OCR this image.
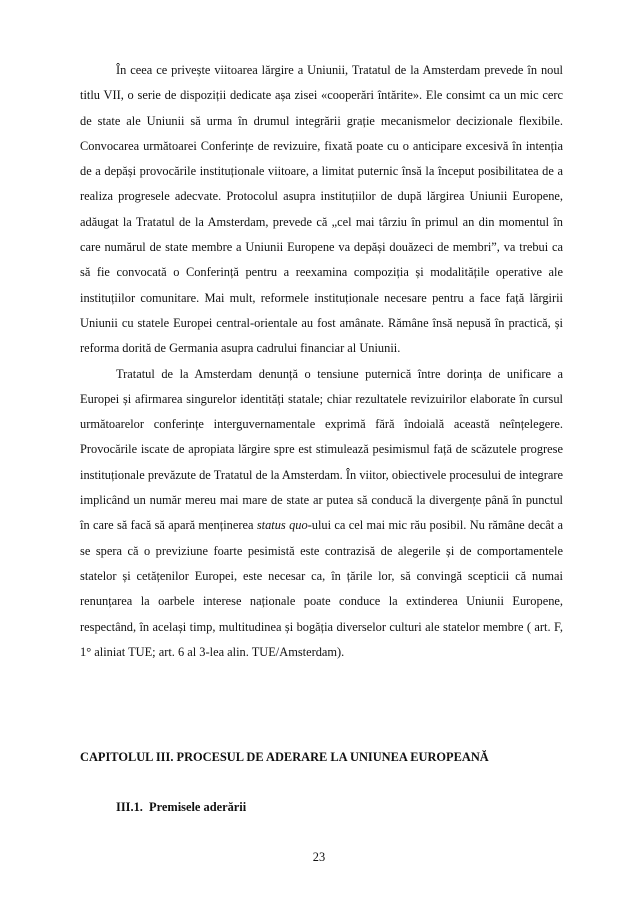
În ceea ce privește viitoarea lărgire a Uniunii, Tratatul de la Amsterdam prevede în noul titlu VII, o serie de dispoziții dedicate așa zisei «cooperări întărite». Ele consimt ca un mic cerc de state ale Uniunii să urma în drumul integrării grație mecanismelor decizionale flexibile. Convocarea următoarei Conferințe de revizuire, fixată poate cu o anticipare excesivă în intenția de a depăși provocările instituționale viitoare, a limitat puternic însă la început posibilitatea de a realiza progresele adecvate. Protocolul asupra instituțiilor de după lărgirea Uniunii Europene, adăugat la Tratatul de la Amsterdam, prevede că „cel mai târziu în primul an din momentul în care numărul de state membre a Uniunii Europene va depăși douăzeci de membri”, va trebui ca să fie convocată o Conferință pentru a reexamina compoziția și modalitățile operative ale instituțiilor comunitare. Mai mult, reformele instituționale necesare pentru a face față lărgirii Uniunii cu statele Europei central-orientale au fost amânate. Rămâne însă nepusă în practică, și reforma dorită de Germania asupra cadrului financiar al Uniunii.

Tratatul de la Amsterdam denunță o tensiune puternică între dorința de unificare a Europei și afirmarea singurelor identități statale; chiar rezultatele revizuirilor elaborate în cursul următoarelor conferințe interguvernamentale exprimă fără îndoială această neînțelegere. Provocările iscate de apropiata lărgire spre est stimulează pesimismul față de scăzutele progrese instituționale prevăzute de Tratatul de la Amsterdam. În viitor, obiectivele procesului de integrare implicând un număr mereu mai mare de state ar putea să conducă la divergențe până în punctul în care să facă să apară menținerea status quo-ului ca cel mai mic rău posibil. Nu rămâne decât a se spera că o previziune foarte pesimistă este contrazisă de alegerile și de comportamentele statelor și cetățenilor Europei, este necesar ca, în țările lor, să convingă scepticii că numai renunțarea la oarbele interese naționale poate conduce la extinderea Uniunii Europene, respectând, în același timp, multitudinea și bogăția diverselor culturi ale statelor membre ( art. F, 1° aliniat TUE; art. 6 al 3-lea alin. TUE/Amsterdam).

CAPITOLUL III. PROCESUL DE ADERARE LA UNIUNEA EUROPEANĂ
III.1.  Premisele aderării
23
